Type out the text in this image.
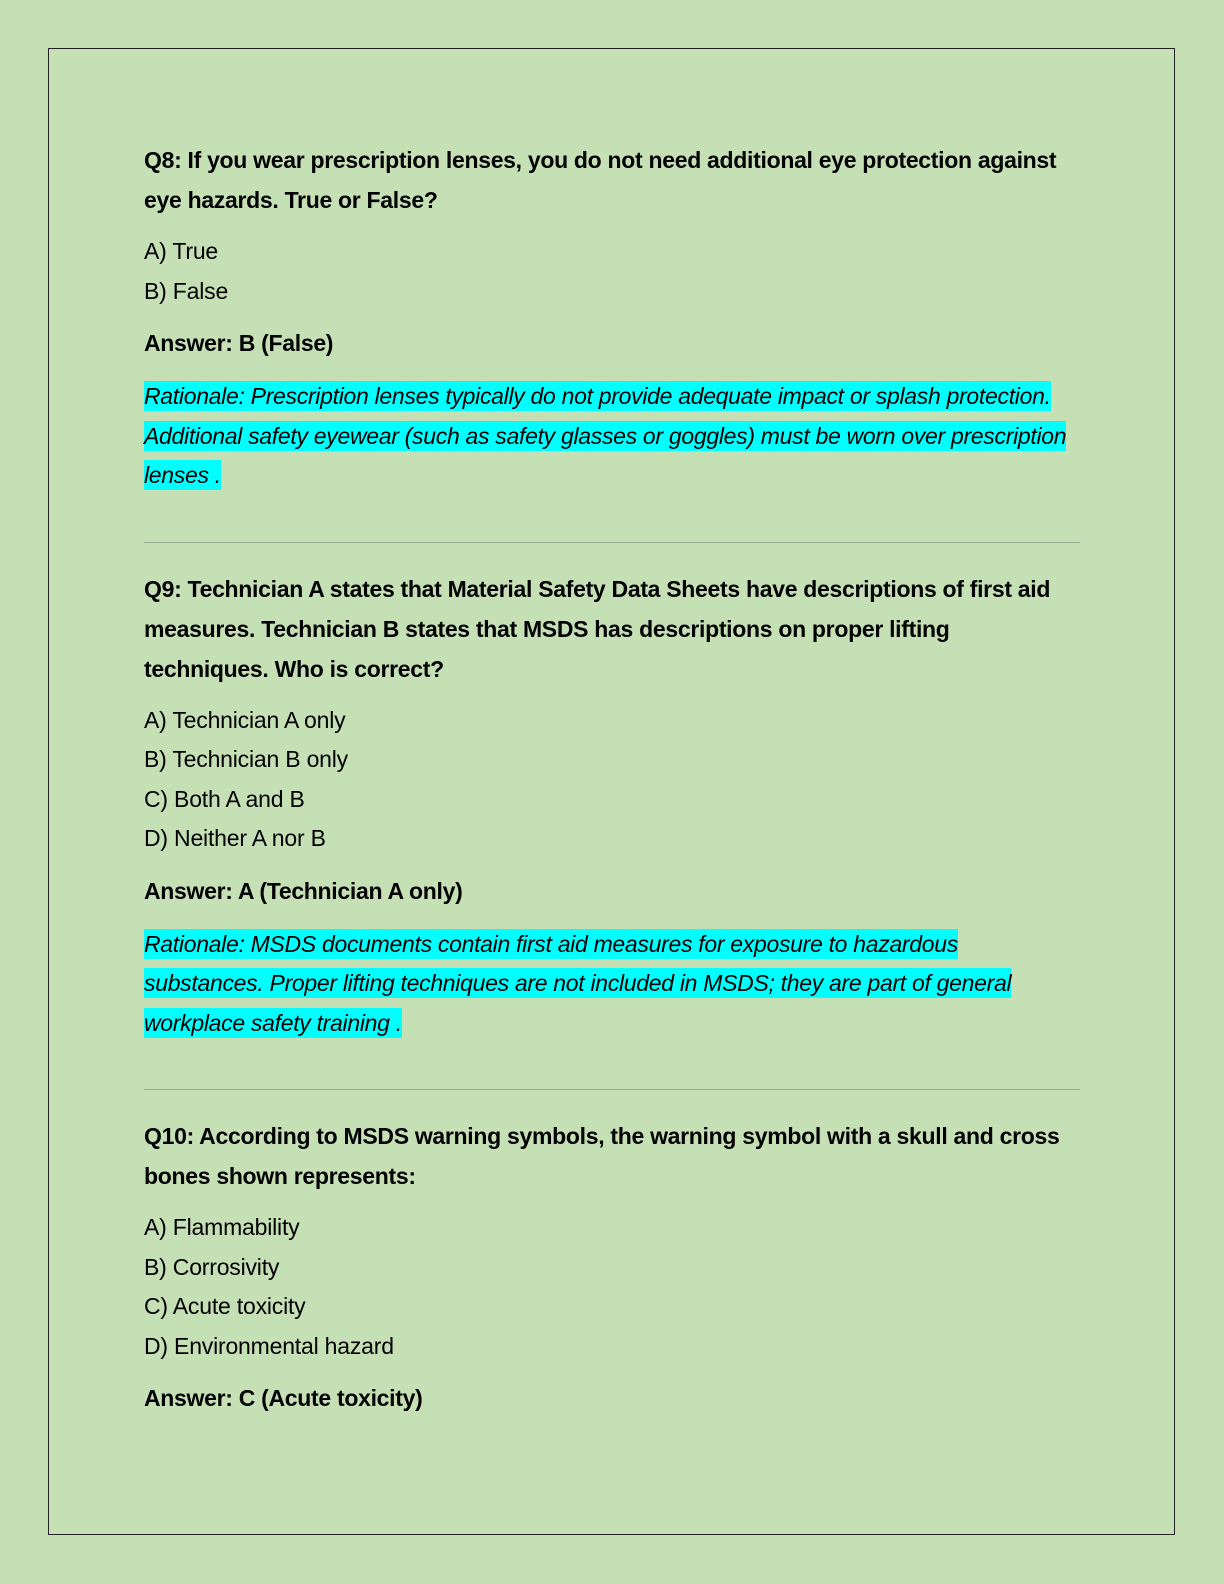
Q8: If you wear prescription lenses, you do not need additional eye protection against eye hazards. True or False?

A) True
B) False

Answer: B (False)

Rationale: Prescription lenses typically do not provide adequate impact or splash protection. Additional safety eyewear (such as safety glasses or goggles) must be worn over prescription lenses .

Q9: Technician A states that Material Safety Data Sheets have descriptions of first aid measures. Technician B states that MSDS has descriptions on proper lifting techniques. Who is correct?

A) Technician A only
B) Technician B only
C) Both A and B
D) Neither A nor B

Answer: A (Technician A only)

Rationale: MSDS documents contain first aid measures for exposure to hazardous substances. Proper lifting techniques are not included in MSDS; they are part of general workplace safety training .

Q10: According to MSDS warning symbols, the warning symbol with a skull and cross bones shown represents:

A) Flammability
B) Corrosivity
C) Acute toxicity
D) Environmental hazard

Answer: C (Acute toxicity)
